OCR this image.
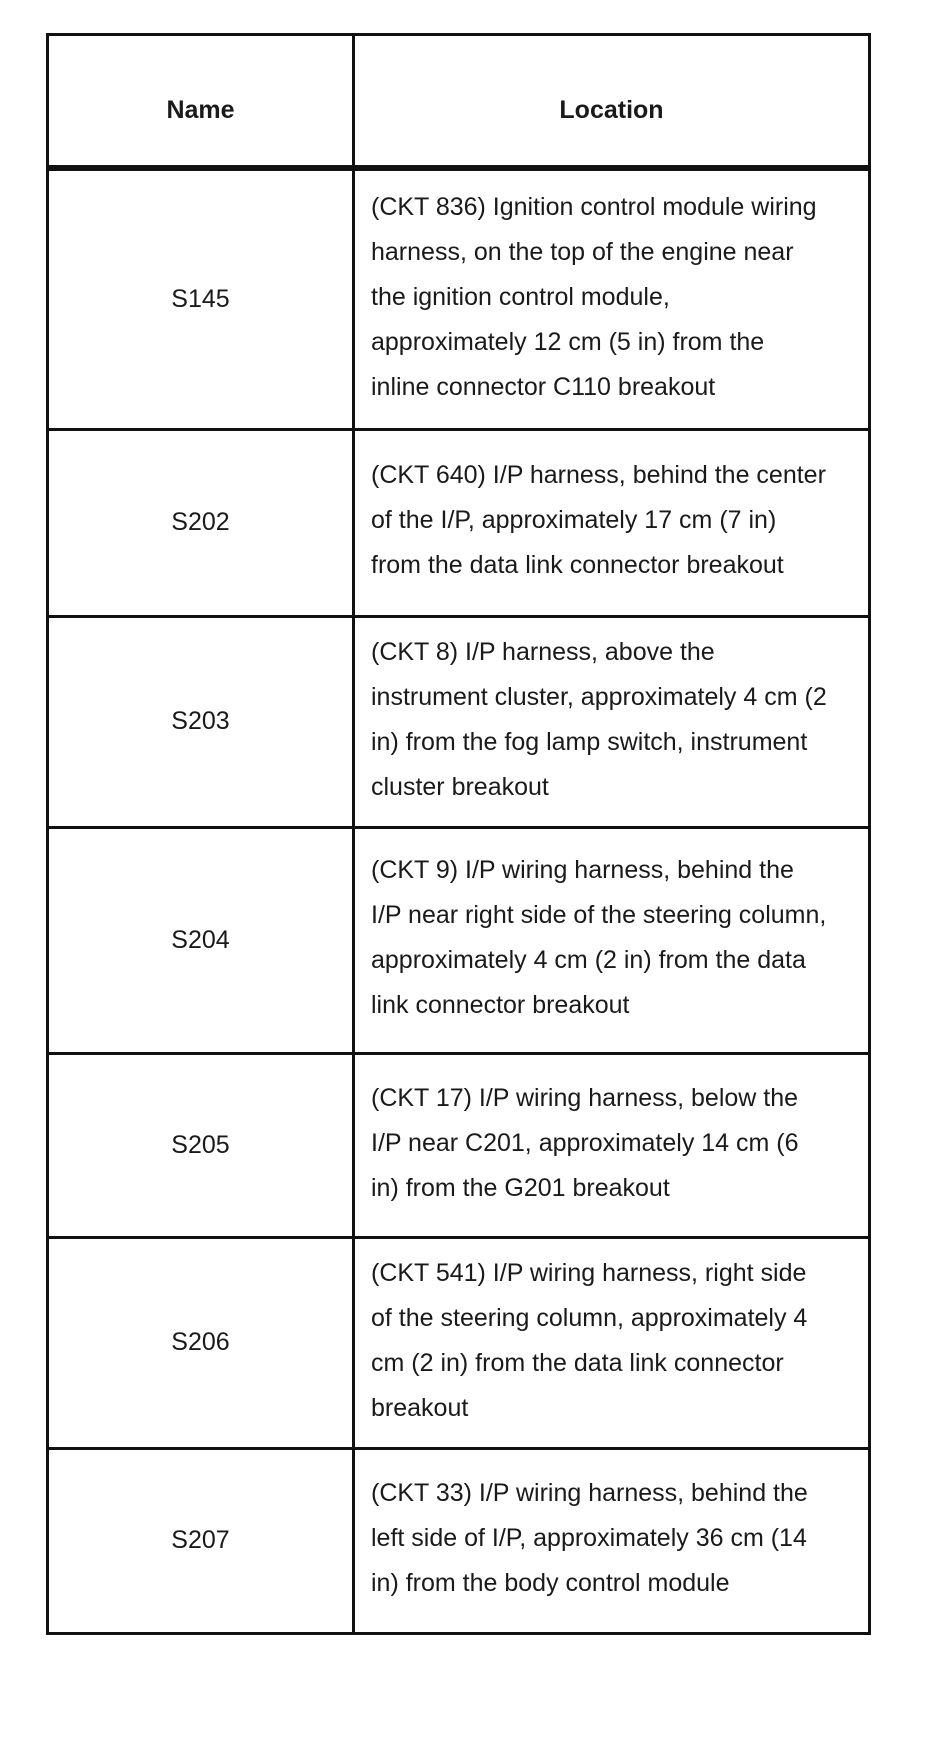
Name	Location
S145	(CKT 836) Ignition control module wiring harness, on the top of the engine near the ignition control module, approximately 12 cm (5 in) from the inline connector C110 breakout
S202	(CKT 640) I/P harness, behind the center of the I/P, approximately 17 cm (7 in) from the data link connector breakout
S203	(CKT 8) I/P harness, above the instrument cluster, approximately 4 cm (2 in) from the fog lamp switch, instrument cluster breakout
S204	(CKT 9) I/P wiring harness, behind the I/P near right side of the steering column, approximately 4 cm (2 in) from the data link connector breakout
S205	(CKT 17) I/P wiring harness, below the I/P near C201, approximately 14 cm (6 in) from the G201 breakout
S206	(CKT 541) I/P wiring harness, right side of the steering column, approximately 4 cm (2 in) from the data link connector breakout
S207	(CKT 33) I/P wiring harness, behind the left side of I/P, approximately 36 cm (14 in) from the body control module
